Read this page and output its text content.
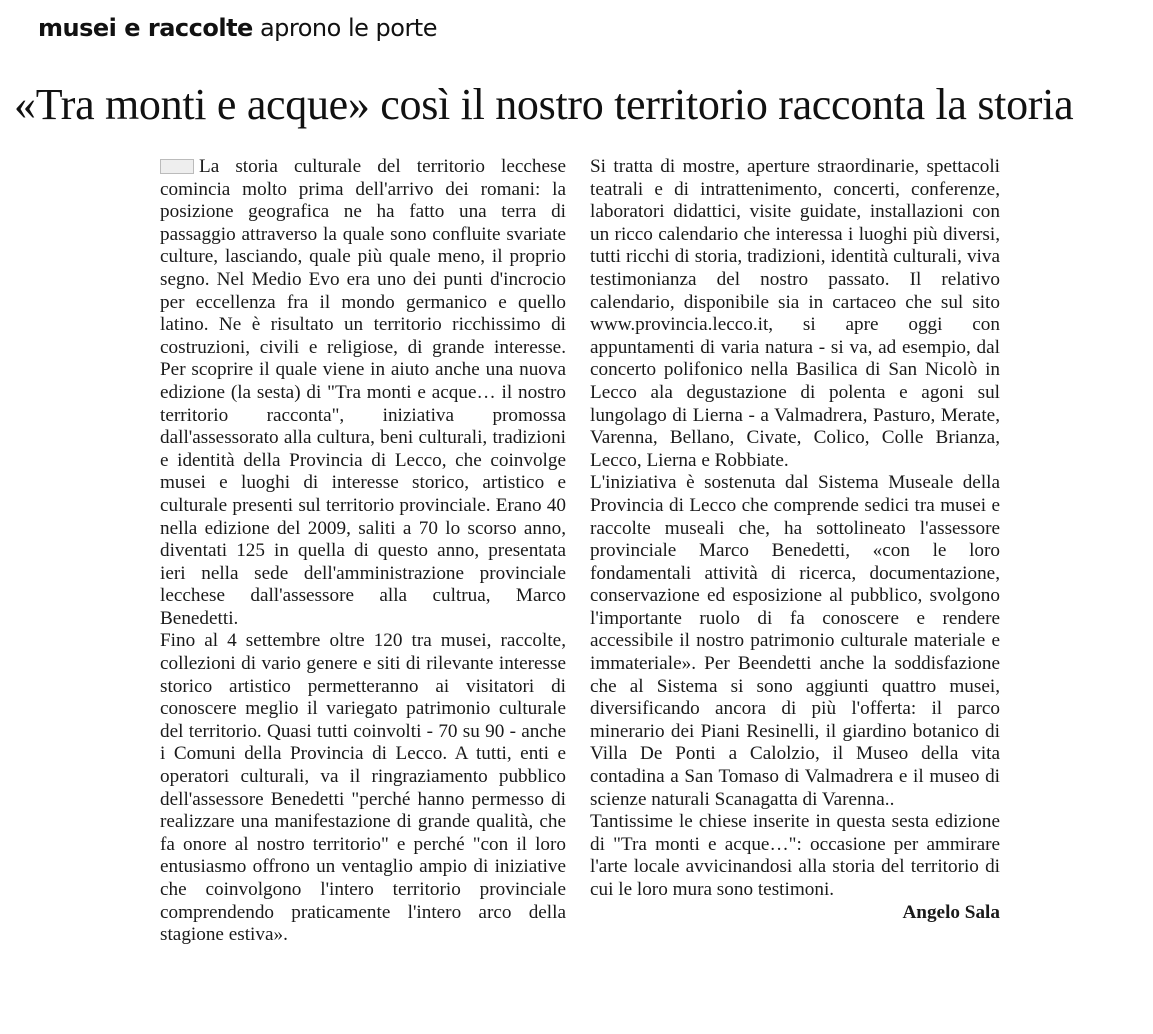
musei e raccolte aprono le porte
«Tra monti e acque» così il nostro territorio racconta la storia

La storia culturale del territorio lecchese comincia molto prima dell'arrivo dei romani: la posizione geografica ne ha fatto una terra di passaggio attraverso la quale sono confluite svariate culture, lasciando, quale più quale meno, il proprio segno. Nel Medio Evo era uno dei punti d'incrocio per eccellenza fra il mondo germanico e quello latino. Ne è risultato un territorio ricchissimo di costruzioni, civili e religiose, di grande interesse. Per scoprire il quale viene in aiuto anche una nuova edizione (la sesta) di "Tra monti e acque… il nostro territorio racconta", iniziativa promossa dall'assessorato alla cultura, beni culturali, tradizioni e identità della Provincia di Lecco, che coinvolge musei e luoghi di interesse storico, artistico e culturale presenti sul territorio provinciale. Erano 40 nella edizione del 2009, saliti a 70 lo scorso anno, diventati 125 in quella di questo anno, presentata ieri nella sede dell'amministrazione provinciale lecchese dall'assessore alla cultrua, Marco Benedetti.

Fino al 4 settembre oltre 120 tra musei, raccolte, collezioni di vario genere e siti di rilevante interesse storico artistico permetteranno ai visitatori di conoscere meglio il variegato patrimonio culturale del territorio. Quasi tutti coinvolti - 70 su 90 - anche i Comuni della Provincia di Lecco. A tutti, enti e operatori culturali, va il ringraziamento pubblico dell'assessore Benedetti "perché hanno permesso di realizzare una manifestazione di grande qualità, che fa onore al nostro territorio" e perché "con il loro entusiasmo offrono un ventaglio ampio di iniziative che coinvolgono l'intero territorio provinciale comprendendo praticamente l'intero arco della stagione estiva».

Si tratta di mostre, aperture straordinarie, spettacoli teatrali e di intrattenimento, concerti, conferenze, laboratori didattici, visite guidate, installazioni con un ricco calendario che interessa i luoghi più diversi, tutti ricchi di storia, tradizioni, identità culturali, viva testimonianza del nostro passato. Il relativo calendario, disponibile sia in cartaceo che sul sito www.provincia.lecco.it, si apre oggi con appuntamenti di varia natura - si va, ad esempio, dal concerto polifonico nella Basilica di San Nicolò in Lecco ala degustazione di polenta e agoni sul lungolago di Lierna - a Valmadrera, Pasturo, Merate, Varenna, Bellano, Civate, Colico, Colle Brianza, Lecco, Lierna e Robbiate.

L'iniziativa è sostenuta dal Sistema Museale della Provincia di Lecco che comprende sedici tra musei e raccolte museali che, ha sottolineato l'assessore provinciale Marco Benedetti, «con le loro fondamentali attività di ricerca, documentazione, conservazione ed esposizione al pubblico, svolgono l'importante ruolo di fa conoscere e rendere accessibile il nostro patrimonio culturale materiale e immateriale». Per Beendetti anche la soddisfazione che al Sistema si sono aggiunti quattro musei, diversificando ancora di più l'offerta: il parco minerario dei Piani Resinelli, il giardino botanico di Villa De Ponti a Calolzio, il Museo della vita contadina a San Tomaso di Valmadrera e il museo di scienze naturali Scanagatta di Varenna..

Tantissime le chiese inserite in questa sesta edizione di "Tra monti e acque…": occasione per ammirare l'arte locale avvicinandosi alla storia del territorio di cui le loro mura sono testimoni.

Angelo Sala
